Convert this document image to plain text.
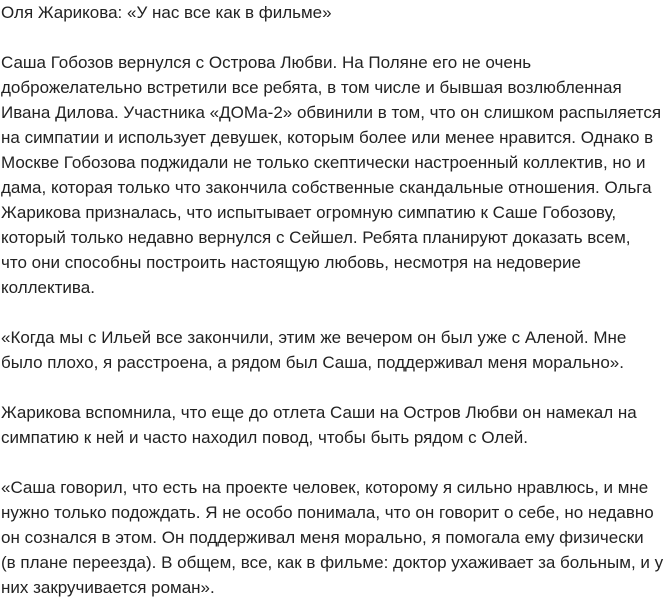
Оля Жарикова: «У нас все как в фильме»
Саша Гобозов вернулся с Острова Любви. На Поляне его не очень
доброжелательно встретили все ребята, в том числе и бывшая возлюбленная
Ивана Дилова. Участника «ДОМа-2» обвинили в том, что он слишком распыляется
на симпатии и использует девушек, которым более или менее нравится. Однако в
Москве Гобозова поджидали не только скептически настроенный коллектив, но и
дама, которая только что закончила собственные скандальные отношения. Ольга
Жарикова призналась, что испытывает огромную симпатию к Саше Гобозову,
который только недавно вернулся с Сейшел. Ребята планируют доказать всем,
что они способны построить настоящую любовь, несмотря на недоверие
коллектива.
«Когда мы с Ильей все закончили, этим же вечером он был уже с Аленой. Мне
было плохо, я расстроена, а рядом был Саша, поддерживал меня морально».
Жарикова вспомнила, что еще до отлета Саши на Остров Любви он намекал на
симпатию к ней и часто находил повод, чтобы быть рядом с Олей.
«Саша говорил, что есть на проекте человек, которому я сильно нравлюсь, и мне
нужно только подождать. Я не особо понимала, что он говорит о себе, но недавно
он сознался в этом. Он поддерживал меня морально, я помогала ему физически
(в плане переезда). В общем, все, как в фильме: доктор ухаживает за больным, и у
них закручивается роман».
